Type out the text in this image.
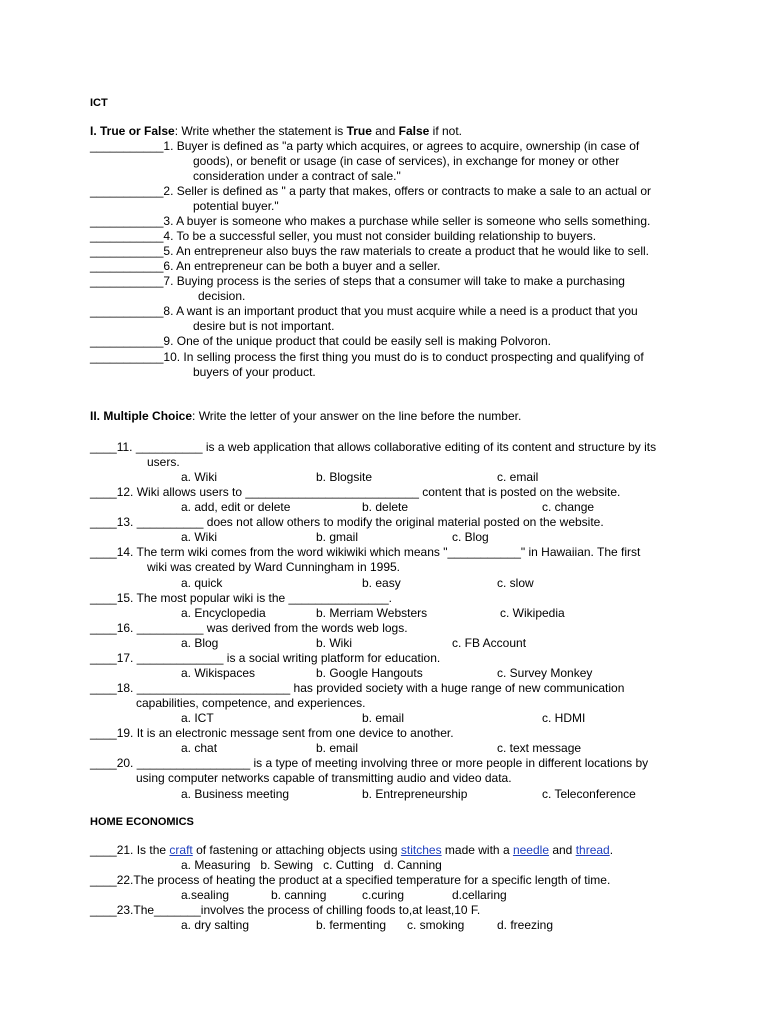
ICT
I. True or False: Write whether the statement is True and False if not.
___________1. Buyer is defined as "a party which acquires, or agrees to acquire, ownership (in case of
goods), or benefit or usage (in case of services), in exchange for money or other
consideration under a contract of sale."
___________2. Seller is defined as " a party that makes, offers or contracts to make a sale to an actual or
potential buyer."
___________3. A buyer is someone who makes a purchase while seller is someone who sells something.
___________4. To be a successful seller, you must not consider building relationship to buyers.
___________5. An entrepreneur also buys the raw materials to create a product that he would like to sell.
___________6. An entrepreneur can be both a buyer and a seller.
___________7. Buying process is the series of steps that a consumer will take to make a purchasing
decision.
___________8. A want is an important product that you must acquire while a need is a product that you
desire but is not important.
___________9. One of the unique product that could be easily sell is making Polvoron.
___________10. In selling process the first thing you must do is to conduct prospecting and qualifying of
buyers of your product.
II. Multiple Choice: Write the letter of your answer on the line before the number.
____11. __________ is a web application that allows collaborative editing of its content and structure by its
users.
a. Wiki	b. Blogsite	c. email
____12. Wiki allows users to __________________________ content that is posted on the website.
a. add, edit or delete	b. delete	c. change
____13. __________ does not allow others to modify the original material posted on the website.
a. Wiki	b. gmail	c. Blog
____14. The term wiki comes from the word wikiwiki which means "___________" in Hawaiian. The first
wiki was created by Ward Cunningham in 1995.
a. quick	b. easy	c. slow
____15. The most popular wiki is the _______________.
a. Encyclopedia	b. Merriam Websters	c. Wikipedia
____16. __________ was derived from the words web logs.
a. Blog	b. Wiki	c. FB Account
____17. _____________ is a social writing platform for education.
a. Wikispaces	b. Google Hangouts	c. Survey Monkey
____18. _______________________ has provided society with a huge range of new communication
capabilities, competence, and experiences.
a. ICT	b. email	c. HDMI
____19. It is an electronic message sent from one device to another.
a. chat	b. email	c. text message
____20. _________________ is a type of meeting involving three or more people in different locations by
using computer networks capable of transmitting audio and video data.
a. Business meeting	b. Entrepreneurship	c. Teleconference
HOME ECONOMICS
____21. Is the craft of fastening or attaching objects using stitches made with a needle and thread.
a. Measuring   b. Sewing   c. Cutting   d. Canning
____22.The process of heating the product at a specified temperature for a specific length of time.
a.sealing	b. canning	c.curing	d.cellaring
____23.The_______involves the process of chilling foods to,at least,10 F.
a. dry salting	b. fermenting c. smoking	d. freezing
